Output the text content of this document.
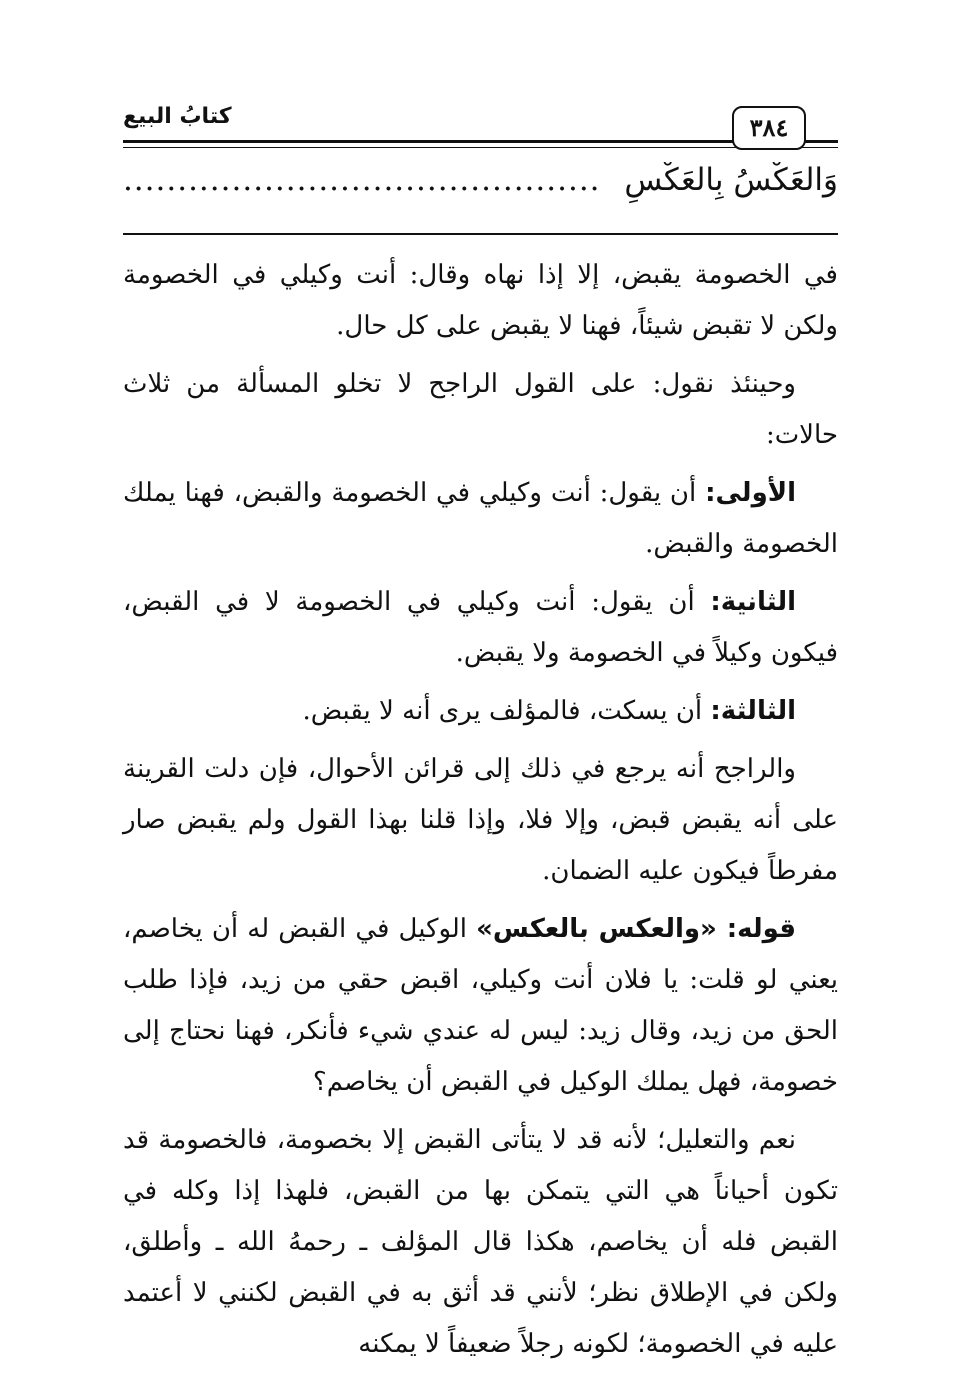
كتابُ البيع	٣٨٤
وَالعَكْسُ بِالعَكْسِ ............................................

في الخصومة يقبض، إلا إذا نهاه وقال: أنت وكيلي في الخصومة ولكن لا تقبض شيئاً، فهنا لا يقبض على كل حال.

وحينئذ نقول: على القول الراجح لا تخلو المسألة من ثلاث حالات:

الأولى: أن يقول: أنت وكيلي في الخصومة والقبض، فهنا يملك الخصومة والقبض.

الثانية: أن يقول: أنت وكيلي في الخصومة لا في القبض، فيكون وكيلاً في الخصومة ولا يقبض.

الثالثة: أن يسكت، فالمؤلف يرى أنه لا يقبض.

والراجح أنه يرجع في ذلك إلى قرائن الأحوال، فإن دلت القرينة على أنه يقبض قبض، وإلا فلا، وإذا قلنا بهذا القول ولم يقبض صار مفرطاً فيكون عليه الضمان.

قوله: «والعكس بالعكس» الوكيل في القبض له أن يخاصم، يعني لو قلت: يا فلان أنت وكيلي، اقبض حقي من زيد، فإذا طلب الحق من زيد، وقال زيد: ليس له عندي شيء فأنكر، فهنا نحتاج إلى خصومة، فهل يملك الوكيل في القبض أن يخاصم؟

نعم والتعليل؛ لأنه قد لا يتأتى القبض إلا بخصومة، فالخصومة قد تكون أحياناً هي التي يتمكن بها من القبض، فلهذا إذا وكله في القبض فله أن يخاصم، هكذا قال المؤلف ـ رحمهُ الله ـ وأطلق، ولكن في الإطلاق نظر؛ لأنني قد أثق به في القبض لكنني لا أعتمد عليه في الخصومة؛ لكونه رجلاً ضعيفاً لا يمكنه
